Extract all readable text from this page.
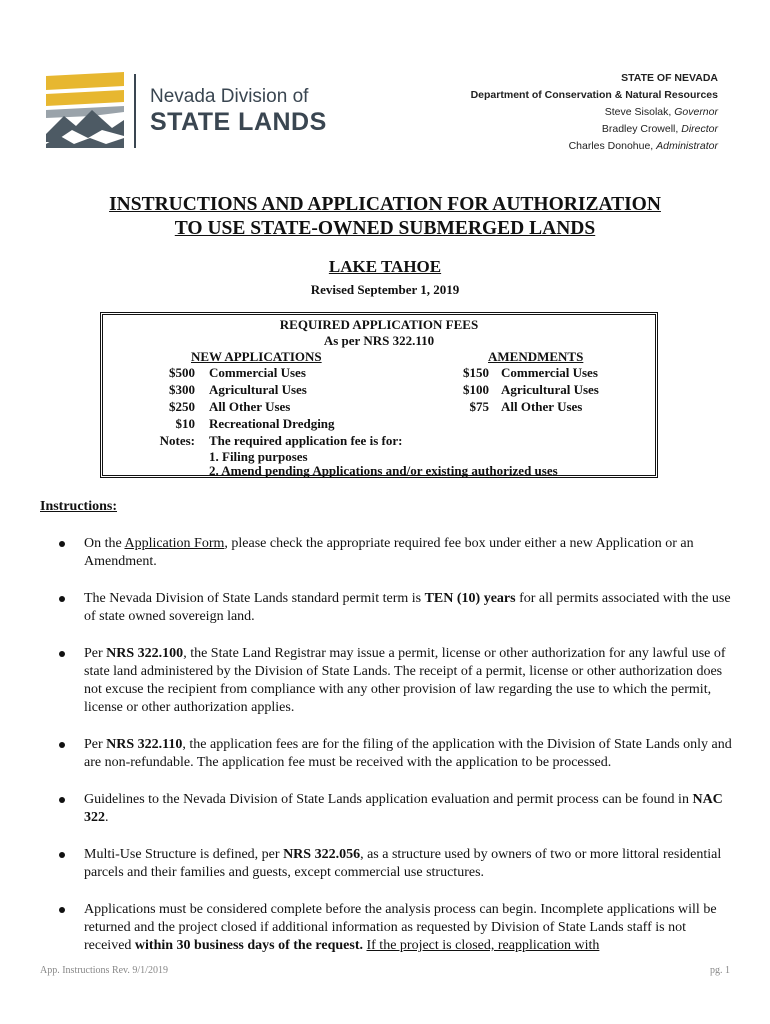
Nevada Division of
STATE LANDS
STATE OF NEVADA
Department of Conservation & Natural Resources
Steve Sisolak, Governor
Bradley Crowell, Director
Charles Donohue, Administrator
INSTRUCTIONS AND APPLICATION FOR AUTHORIZATION
TO USE STATE-OWNED SUBMERGED LANDS
LAKE TAHOE
Revised September 1, 2019
REQUIRED APPLICATION FEES
As per NRS 322.110
NEW APPLICATIONS	AMENDMENTS
$500 Commercial Uses
$300 Agricultural Uses
$250 All Other Uses
$10 Recreational Dredging
$150 Commercial Uses
$100 Agricultural Uses
$75 All Other Uses
Notes: The required application fee is for:
1. Filing purposes
2. Amend pending Applications and/or existing authorized uses
Instructions:
On the Application Form, please check the appropriate required fee box under either a new Application or an Amendment.
The Nevada Division of State Lands standard permit term is TEN (10) years for all permits associated with the use of state owned sovereign land.
Per NRS 322.100, the State Land Registrar may issue a permit, license or other authorization for any lawful use of state land administered by the Division of State Lands. The receipt of a permit, license or other authorization does not excuse the recipient from compliance with any other provision of law regarding the use to which the permit, license or other authorization applies.
Per NRS 322.110, the application fees are for the filing of the application with the Division of State Lands only and are non-refundable. The application fee must be received with the application to be processed.
Guidelines to the Nevada Division of State Lands application evaluation and permit process can be found in NAC 322.
Multi-Use Structure is defined, per NRS 322.056, as a structure used by owners of two or more littoral residential parcels and their families and guests, except commercial use structures.
Applications must be considered complete before the analysis process can begin. Incomplete applications will be returned and the project closed if additional information as requested by Division of State Lands staff is not received within 30 business days of the request. If the project is closed, reapplication with
App. Instructions Rev. 9/1/2019	pg. 1
